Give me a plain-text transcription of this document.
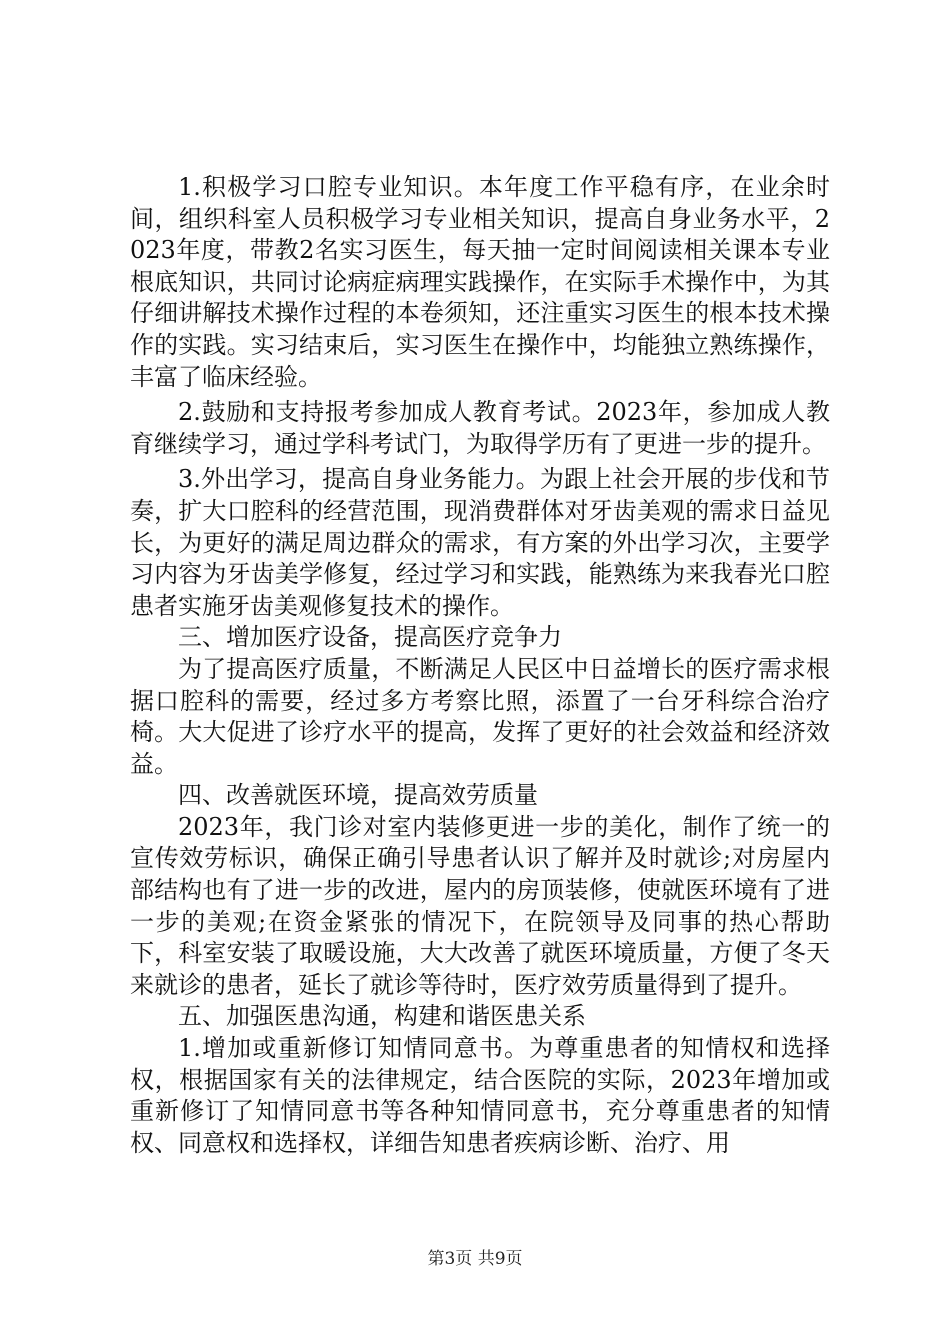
1.积极学习口腔专业知识。本年度工作平稳有序，在业余时间，组织科室人员积极学习专业相关知识，提高自身业务水平，2023年度，带教2名实习医生，每天抽一定时间阅读相关课本专业根底知识，共同讨论病症病理实践操作，在实际手术操作中，为其仔细讲解技术操作过程的本卷须知，还注重实习医生的根本技术操作的实践。实习结束后，实习医生在操作中，均能独立熟练操作，丰富了临床经验。

2.鼓励和支持报考参加成人教育考试。2023年，参加成人教育继续学习，通过学科考试门，为取得学历有了更进一步的提升。

3.外出学习，提高自身业务能力。为跟上社会开展的步伐和节奏，扩大口腔科的经营范围，现消费群体对牙齿美观的需求日益见长，为更好的满足周边群众的需求，有方案的外出学习次，主要学习内容为牙齿美学修复，经过学习和实践，能熟练为来我春光口腔患者实施牙齿美观修复技术的操作。

三、增加医疗设备，提高医疗竞争力

为了提高医疗质量，不断满足人民区中日益增长的医疗需求根据口腔科的需要，经过多方考察比照，添置了一台牙科综合治疗椅。大大促进了诊疗水平的提高，发挥了更好的社会效益和经济效益。

四、改善就医环境，提高效劳质量

2023年，我门诊对室内装修更进一步的美化，制作了统一的宣传效劳标识，确保正确引导患者认识了解并及时就诊;对房屋内部结构也有了进一步的改进，屋内的房顶装修，使就医环境有了进一步的美观;在资金紧张的情况下，在院领导及同事的热心帮助下，科室安装了取暖设施，大大改善了就医环境质量，方便了冬天来就诊的患者，延长了就诊等待时，医疗效劳质量得到了提升。

五、加强医患沟通，构建和谐医患关系

1.增加或重新修订知情同意书。为尊重患者的知情权和选择权，根据国家有关的法律规定，结合医院的实际，2023年增加或重新修订了知情同意书等各种知情同意书，充分尊重患者的知情权、同意权和选择权，详细告知患者疾病诊断、治疗、用

第3页 共9页
